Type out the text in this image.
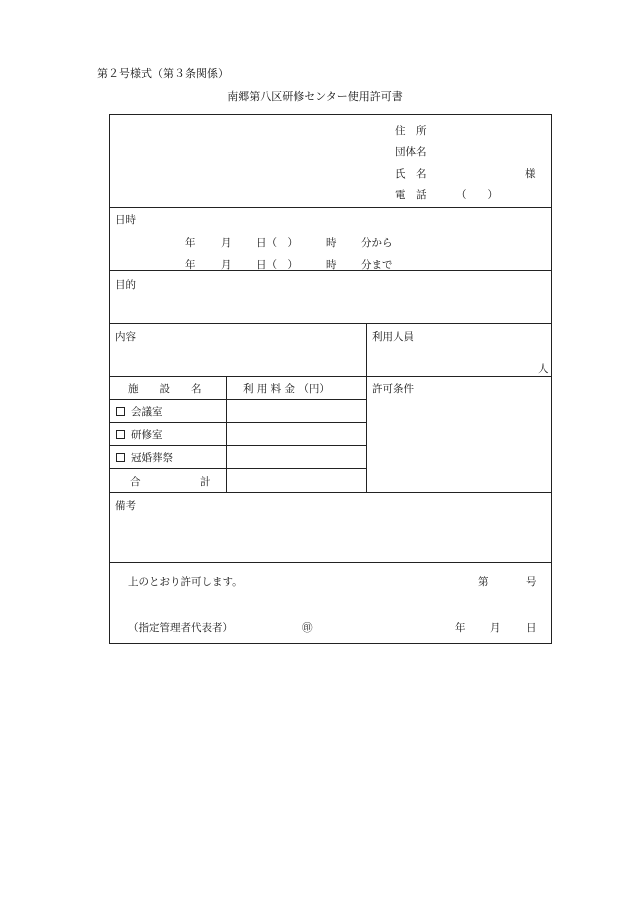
第２号様式（第３条関係）
南郷第八区研修センター使用許可書
住　所
団体名
氏　名	様
電　話	（　　）
日時
年 月 日（　）	時 分から
年 月 日（　）	時 分まで
目的
内容	利用人員
人
施　　設　　名	利 用 料 金 （円）	許可条件
会議室
研修室
冠婚葬祭
合	計
備考
上のとおり許可します。	第	号
（指定管理者代表者）	㊞	年 月 日
